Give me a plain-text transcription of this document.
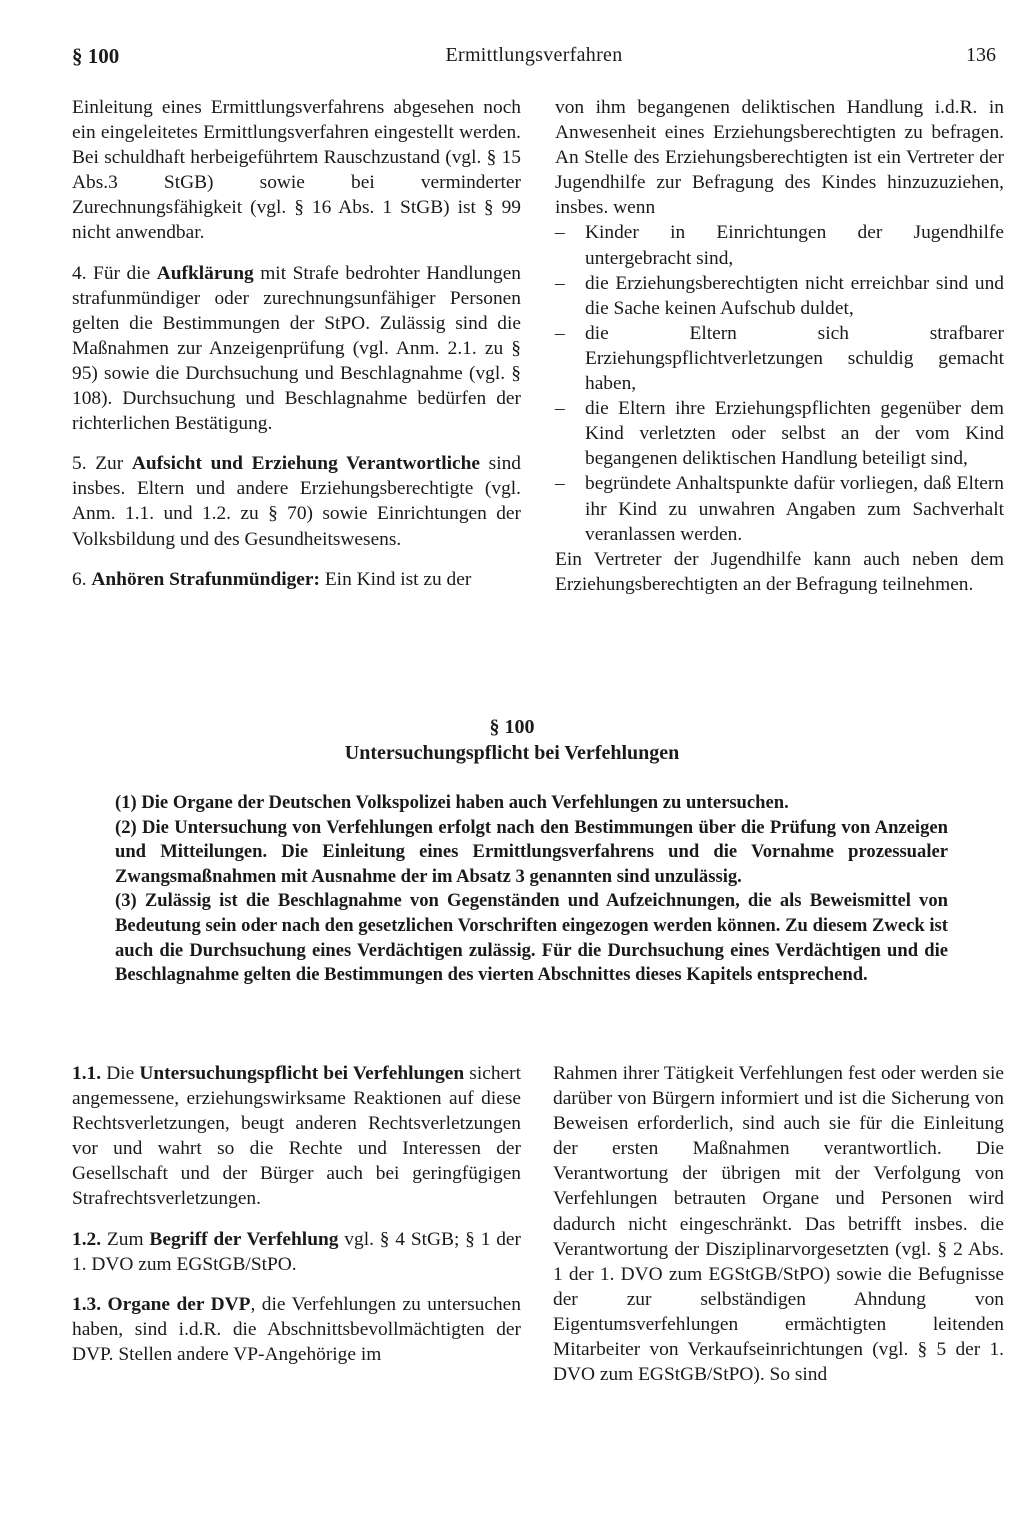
§ 100	Ermittlungsverfahren	136

Einleitung eines Ermittlungsverfahrens abgesehen noch ein eingeleitetes Ermittlungsverfahren eingestellt werden. Bei schuldhaft herbeigeführtem Rauschzustand (vgl. § 15 Abs.3 StGB) sowie bei verminderter Zurechnungsfähigkeit (vgl. § 16 Abs. 1 StGB) ist § 99 nicht anwendbar.

4. Für die Aufklärung mit Strafe bedrohter Handlungen strafunmündiger oder zurechnungsunfähiger Personen gelten die Bestimmungen der StPO. Zulässig sind die Maßnahmen zur Anzeigenprüfung (vgl. Anm. 2.1. zu § 95) sowie die Durchsuchung und Beschlagnahme (vgl. § 108). Durchsuchung und Beschlagnahme bedürfen der richterlichen Bestätigung.

5. Zur Aufsicht und Erziehung Verantwortliche sind insbes. Eltern und andere Erziehungsberechtigte (vgl. Anm. 1.1. und 1.2. zu § 70) sowie Einrichtungen der Volksbildung und des Gesundheitswesens.

6. Anhören Strafunmündiger: Ein Kind ist zu der

von ihm begangenen deliktischen Handlung i.d.R. in Anwesenheit eines Erziehungsberechtigten zu befragen. An Stelle des Erziehungsberechtigten ist ein Vertreter der Jugendhilfe zur Befragung des Kindes hinzuzuziehen, insbes. wenn

– Kinder in Einrichtungen der Jugendhilfe untergebracht sind,
– die Erziehungsberechtigten nicht erreichbar sind und die Sache keinen Aufschub duldet,
– die Eltern sich strafbarer Erziehungspflichtverletzungen schuldig gemacht haben,
– die Eltern ihre Erziehungspflichten gegenüber dem Kind verletzten oder selbst an der vom Kind begangenen deliktischen Handlung beteiligt sind,
– begründete Anhaltspunkte dafür vorliegen, daß Eltern ihr Kind zu unwahren Angaben zum Sachverhalt veranlassen werden.

Ein Vertreter der Jugendhilfe kann auch neben dem Erziehungsberechtigten an der Befragung teilnehmen.

§ 100
Untersuchungspflicht bei Verfehlungen

(1) Die Organe der Deutschen Volkspolizei haben auch Verfehlungen zu untersuchen.

(2) Die Untersuchung von Verfehlungen erfolgt nach den Bestimmungen über die Prüfung von Anzeigen und Mitteilungen. Die Einleitung eines Ermittlungsverfahrens und die Vornahme prozessualer Zwangsmaßnahmen mit Ausnahme der im Absatz 3 genannten sind unzulässig.

(3) Zulässig ist die Beschlagnahme von Gegenständen und Aufzeichnungen, die als Beweismittel von Bedeutung sein oder nach den gesetzlichen Vorschriften eingezogen werden können. Zu diesem Zweck ist auch die Durchsuchung eines Verdächtigen zulässig. Für die Durchsuchung eines Verdächtigen und die Beschlagnahme gelten die Bestimmungen des vierten Abschnittes dieses Kapitels entsprechend.

1.1. Die Untersuchungspflicht bei Verfehlungen sichert angemessene, erziehungswirksame Reaktionen auf diese Rechtsverletzungen, beugt anderen Rechtsverletzungen vor und wahrt so die Rechte und Interessen der Gesellschaft und der Bürger auch bei geringfügigen Strafrechtsverletzungen.

1.2. Zum Begriff der Verfehlung vgl. § 4 StGB; § 1 der 1. DVO zum EGStGB/StPO.

1.3. Organe der DVP, die Verfehlungen zu untersuchen haben, sind i.d.R. die Abschnittsbevollmächtigten der DVP. Stellen andere VP-Angehörige im

Rahmen ihrer Tätigkeit Verfehlungen fest oder werden sie darüber von Bürgern informiert und ist die Sicherung von Beweisen erforderlich, sind auch sie für die Einleitung der ersten Maßnahmen verantwortlich. Die Verantwortung der übrigen mit der Verfolgung von Verfehlungen betrauten Organe und Personen wird dadurch nicht eingeschränkt. Das betrifft insbes. die Verantwortung der Disziplinarvorgesetzten (vgl. § 2 Abs. 1 der 1. DVO zum EGStGB/StPO) sowie die Befugnisse der zur selbständigen Ahndung von Eigentumsverfehlungen ermächtigten leitenden Mitarbeiter von Verkaufseinrichtungen (vgl. § 5 der 1. DVO zum EGStGB/StPO). So sind
